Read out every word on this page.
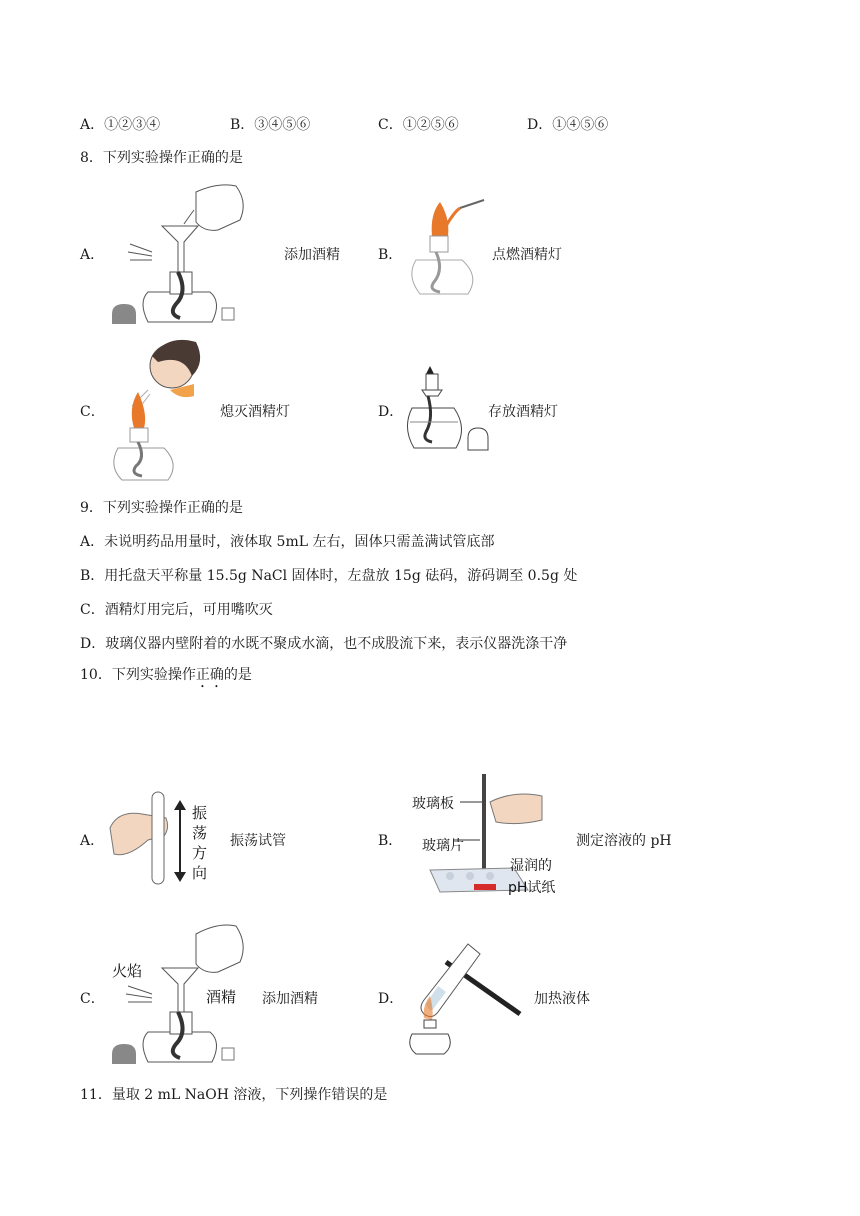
A．①②③④	B．③④⑤⑥	C．①②⑤⑥	D．①④⑤⑥
8．下列实验操作正确的是
A．	添加酒精	B．	点燃酒精灯
C．	熄灭酒精灯	D．	存放酒精灯
9．下列实验操作正确的是
A．未说明药品用量时，液体取 5mL 左右，固体只需盖满试管底部
B．用托盘天平称量 15.5g NaCl 固体时，左盘放 15g 砝码，游码调至 0.5g 处
C．酒精灯用完后，可用嘴吹灭
D．玻璃仪器内壁附着的水既不聚成水滴，也不成股流下来，表示仪器洗涤干净
10．下列实验操作正确的是
A．
振
荡
方
向
振荡试管	B．
玻璃板
玻璃片
湿润的
pH试纸
测定溶液的 pH
C．
火焰
酒精 添加酒精	D．	加热液体
11．量取 2 mL NaOH 溶液，下列操作错误的是
